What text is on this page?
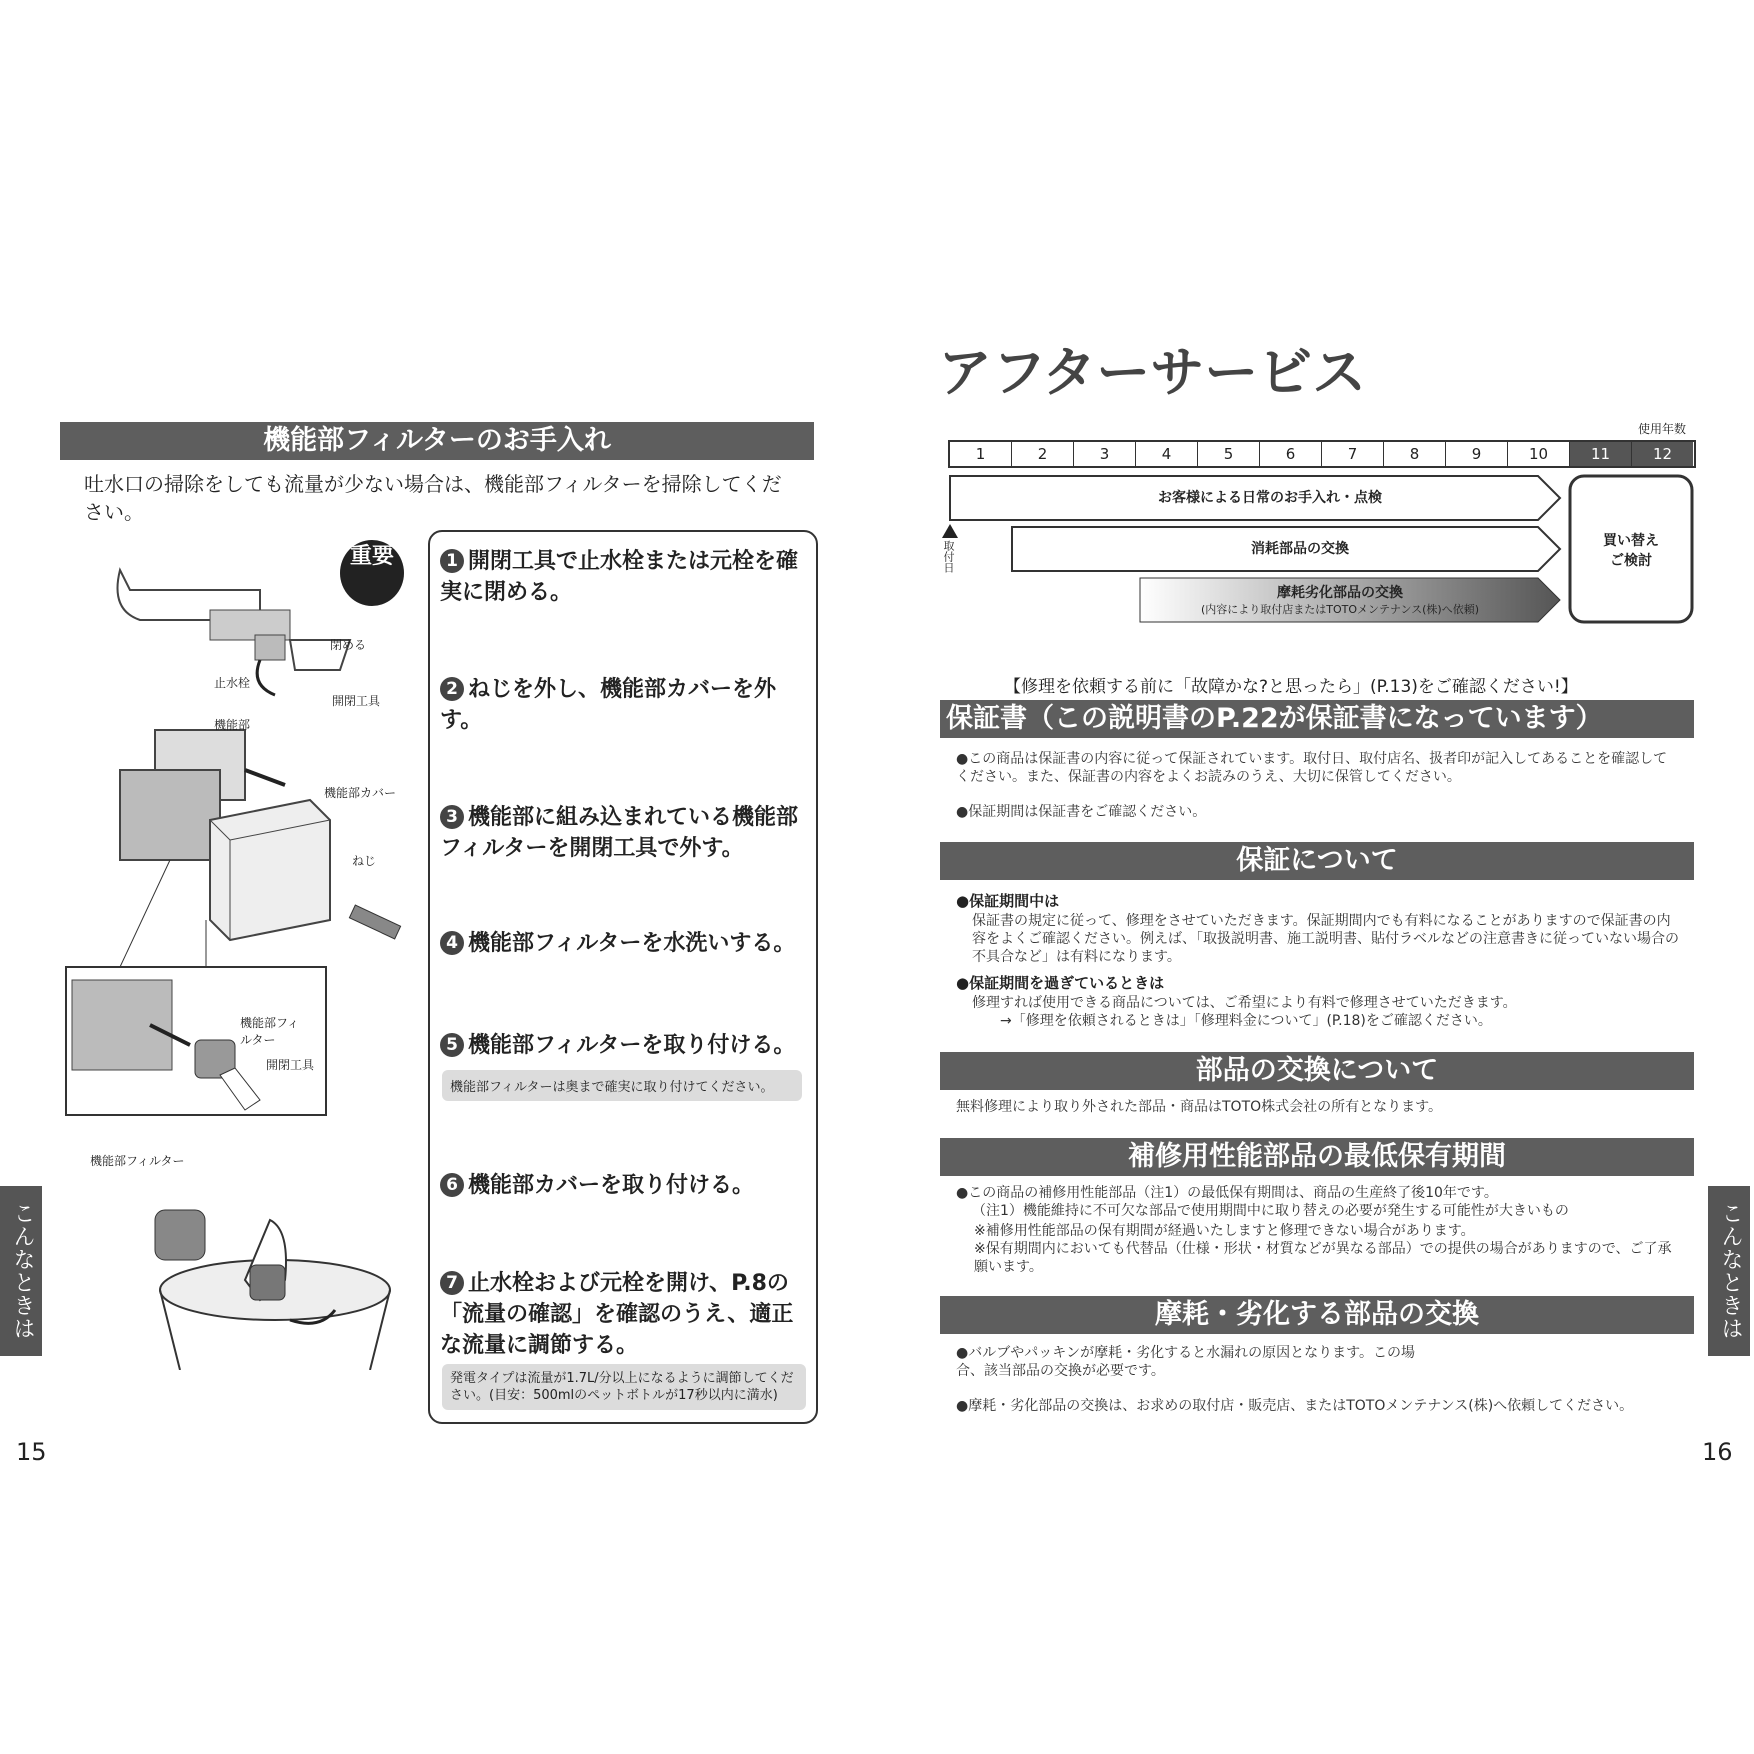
機能部フィルターのお手入れ
吐水口の掃除をしても流量が少ない場合は、機能部フィルターを掃除してください。
重要
閉める
止水栓
開閉工具
機能部
機能部カバー
ねじ
機能部フィルター
開閉工具
機能部フィルター
1 開閉工具で止水栓または元栓を確実に閉める。
2 ねじを外し、機能部カバーを外す。
3 機能部に組み込まれている機能部フィルターを開閉工具で外す。
4 機能部フィルターを水洗いする。
5 機能部フィルターを取り付ける。
機能部フィルターは奥まで確実に取り付けてください。
6 機能部カバーを取り付ける。
7 止水栓および元栓を開け、P.8の「流量の確認」を確認のうえ、適正な流量に調節する。
発電タイプは流量が1.7L/分以上になるように調節してください。(目安：500mlのペットボトルが17秒以内に満水)
こんなときは
15
アフターサービス
使用年数
1	2	3	4	5	6	7	8	9	10	11	12
お客様による日常のお手入れ・点検
消耗部品の交換
摩耗劣化部品の交換
(内容により取付店またはTOTOメンテナンス(株)へ依頼)
買い替え
ご検討
取付日
【修理を依頼する前に「故障かな?と思ったら」(P.13)をご確認ください!】
保証書（この説明書のP.22が保証書になっています）
●この商品は保証書の内容に従って保証されています。取付日、取付店名、扱者印が記入してあることを確認してください。また、保証書の内容をよくお読みのうえ、大切に保管してください。
●保証期間は保証書をご確認ください。
保証について
●保証期間中は
保証書の規定に従って、修理をさせていただきます。保証期間内でも有料になることがありますので保証書の内容をよくご確認ください。例えば、「取扱説明書、施工説明書、貼付ラベルなどの注意書きに従っていない場合の不具合など」は有料になります。
●保証期間を過ぎているときは
修理すれば使用できる商品については、ご希望により有料で修理させていただきます。
→「修理を依頼されるときは」「修理料金について」(P.18)をご確認ください。
部品の交換について
無料修理により取り外された部品・商品はTOTO株式会社の所有となります。
補修用性能部品の最低保有期間
●この商品の補修用性能部品（注1）の最低保有期間は、商品の生産終了後10年です。
（注1）機能維持に不可欠な部品で使用期間中に取り替えの必要が発生する可能性が大きいもの
※補修用性能部品の保有期間が経過いたしますと修理できない場合があります。
※保有期間内においても代替品（仕様・形状・材質などが異なる部品）での提供の場合がありますので、ご了承願います。
摩耗・劣化する部品の交換
●バルブやパッキンが摩耗・劣化すると水漏れの原因となります。この場合、該当部品の交換が必要です。
●摩耗・劣化部品の交換は、お求めの取付店・販売店、またはTOTOメンテナンス(株)へ依頼してください。
こんなときは
16
